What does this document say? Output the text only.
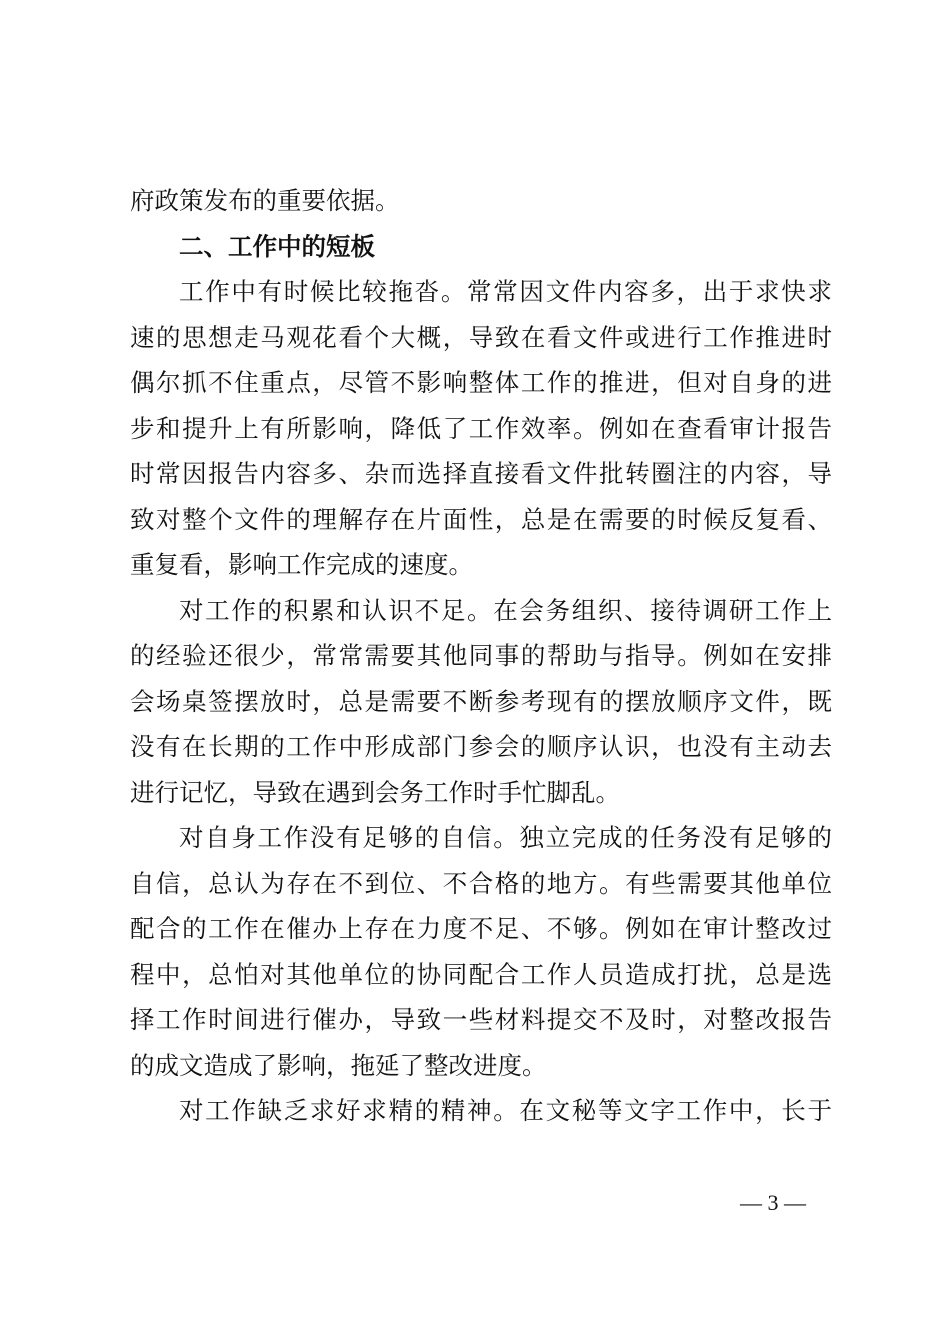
府政策发布的重要依据。
二、工作中的短板
工作中有时候比较拖沓。常常因文件内容多，出于求快求
速的思想走马观花看个大概，导致在看文件或进行工作推进时
偶尔抓不住重点，尽管不影响整体工作的推进，但对自身的进
步和提升上有所影响，降低了工作效率。例如在查看审计报告
时常因报告内容多、杂而选择直接看文件批转圈注的内容，导
致对整个文件的理解存在片面性，总是在需要的时候反复看、
重复看，影响工作完成的速度。
对工作的积累和认识不足。在会务组织、接待调研工作上
的经验还很少，常常需要其他同事的帮助与指导。例如在安排
会场桌签摆放时，总是需要不断参考现有的摆放顺序文件，既
没有在长期的工作中形成部门参会的顺序认识，也没有主动去
进行记忆，导致在遇到会务工作时手忙脚乱。
对自身工作没有足够的自信。独立完成的任务没有足够的
自信，总认为存在不到位、不合格的地方。有些需要其他单位
配合的工作在催办上存在力度不足、不够。例如在审计整改过
程中，总怕对其他单位的协同配合工作人员造成打扰，总是选
择工作时间进行催办，导致一些材料提交不及时，对整改报告
的成文造成了影响，拖延了整改进度。
对工作缺乏求好求精的精神。在文秘等文字工作中，长于
— 3 —
